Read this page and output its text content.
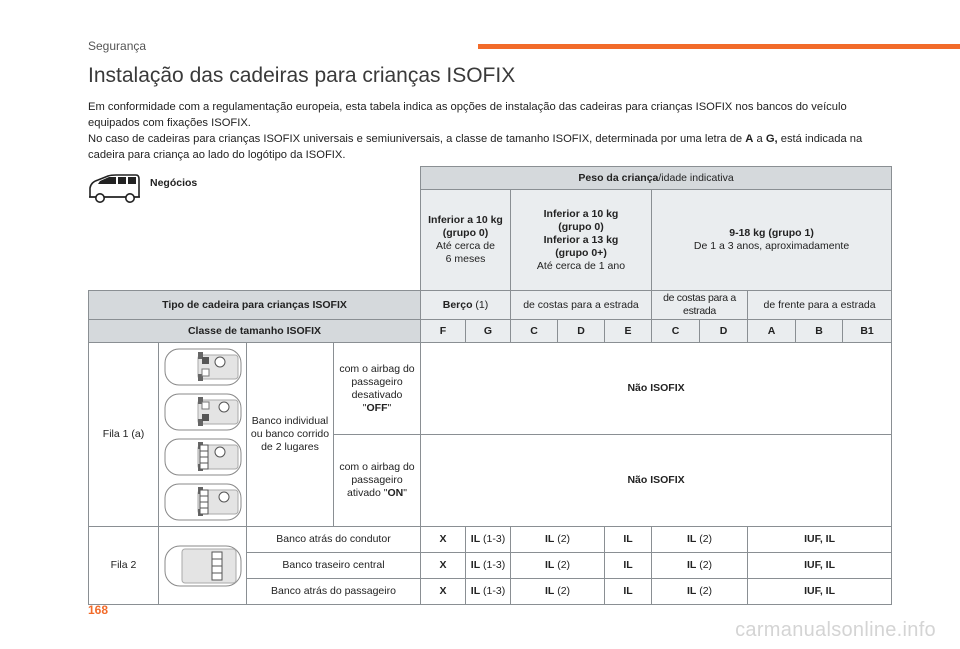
Segurança
Instalação das cadeiras para crianças ISOFIX

Em conformidade com a regulamentação europeia, esta tabela indica as opções de instalação das cadeiras para crianças ISOFIX nos bancos do veículo equipados com fixações ISOFIX.
No caso de cadeiras para crianças ISOFIX universais e semiuniversais, a classe de tamanho ISOFIX, determinada por uma letra de A a G, está indicada na cadeira para criança ao lado do logótipo da ISOFIX.

				Peso da criança/idade indicativa									
				Inferior a 10 kg
(grupo 0)
Até cerca de
6 meses		Inferior a 10 kg
(grupo 0)
Inferior a 13 kg
(grupo 0+)
Até cerca de 1 ano			9-18 kg (grupo 1)
De 1 a 3 anos, aproximadamente				
Tipo de cadeira para crianças ISOFIX				Berço (1)		de costas para a estrada			de costas para a estrada		de frente para a estrada		
Classe de tamanho ISOFIX				F	G	C	D	E	C	D	A	B	B1
Fila 1 (a)		Banco individual ou banco corrido de 2 lugares	com o airbag do passageiro desativado "OFF"	Não ISOFIX									
			com o airbag do passageiro ativado "ON"	Não ISOFIX									
Fila 2		Banco atrás do condutor		X	IL (1-3)	IL (2)		IL	IL (2)		IUF, IL		
		Banco traseiro central		X	IL (1-3)	IL (2)		IL	IL (2)		IUF, IL		
		Banco atrás do passageiro		X	IL (1-3)	IL (2)		IL	IL (2)		IUF, IL		
Negócios
168
carmanualsonline.info
